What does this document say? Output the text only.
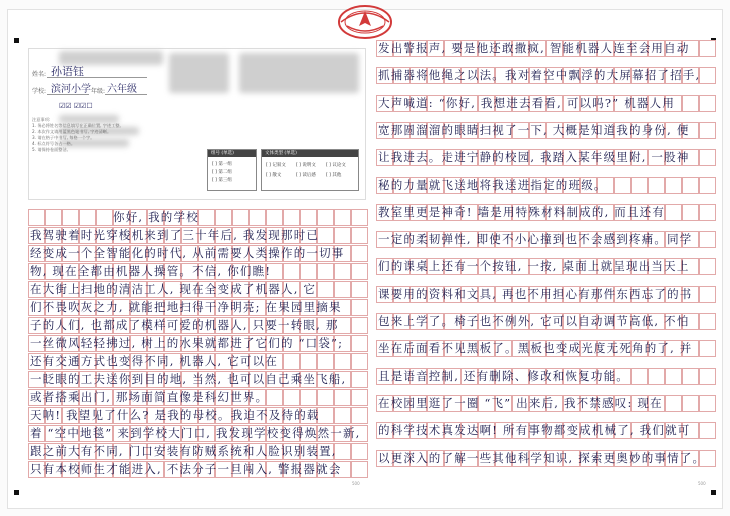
姓名: 孙语钰
学校: 滨河小学 年级: 六年级

☑☑ ☑☑☐
注意事项:
1. 务必将姓名等信息填写在正确位置, 字迹工整。
2. 本次作文请用蓝黑色笔书写, 字迹清晰。
3. 请在格子中书写, 每格一个字。
4. 标点符号各占一格。
5. 请保持卷面整洁。
组号 (单选)
[ ] 第一组
[ ] 第二组
[ ] 第三组
文体类型 (单选)
[ ] 记叙文 [ ] 说明文 [ ] 议论文
[ ] 散文	[ ] 读后感 [ ] 其他
你好, 我的学校
我驾驶着时光穿梭机来到了三十年后, 我发现那时已
经变成一个全智能化的时代, 从前需要人类操作的一切事
物, 现在全都由机器人操管。不信, 你们瞧!
在大街上扫地的清洁工人, 现在全变成了机器人, 它
们不畏吹灰之力, 就能把地扫得干净明亮; 在果园里摘果
子的人们, 也都成了模样可爱的机器人, 只要一转眼, 那
一丝微风轻轻拂过, 树上的水果就都进了它们的 “口袋”;
还有交通方式也变得不同, 机器人, 它可以在
一眨眼的工夫送你到目的地, 当然, 也可以自己乘坐飞船,
或者搭乘出门, 那场面简直像是科幻世界。
天呐! 我望见了什么? 是我的母校。我迫不及待的载
着 “空中地毯” 来到学校大门口, 我发现学校变得焕然一新,
跟之前大有不同, 门口安装有防贼系统和人脸识别装置,
只有本校师生才能进入, 不法分子一旦闯入, 警报器就会
发出警报声, 要是他还敢撒疯, 智能机器人连至会用自动
抓捕器将他绳之以法。我对着空中飘浮的大屏幕招了招手,
大声喊道: “你好, 我想进去看看, 可以吗?” 机器人用
宽那圆溜溜的眼睛扫视了一下, 大概是知道我的身份, 便
让我进去。走进宁静的校园, 我踏入某年级里附, 一股神
秘的力量就飞送地将我送进指定的班级。
教室里更是神奇! 墙是用特殊材料制成的, 而且还有
一定的柔韧弹性, 即使不小心撞到也不会感到疼痛。同学
们的课桌上还有一个按钮, 一按, 桌面上就呈现出当天上
课要用的资料和文具, 再也不用担心有那件东西忘了的书
包来上学了。椅子也不例外, 它可以自动调节高低, 不怕
坐在后面看不见黑板了。黑板也变成光度无死角的了, 并
且是语音控制, 还有删除、修改和恢复功能。
在校园里逛了一圈 “飞” 出来后, 我不禁感叹: 现在
的科学技术真发达啊! 所有事物都变成机械了, 我们就可
以更深入的了解一些其他科学知识, 探索更奥妙的事情了。
500	500
